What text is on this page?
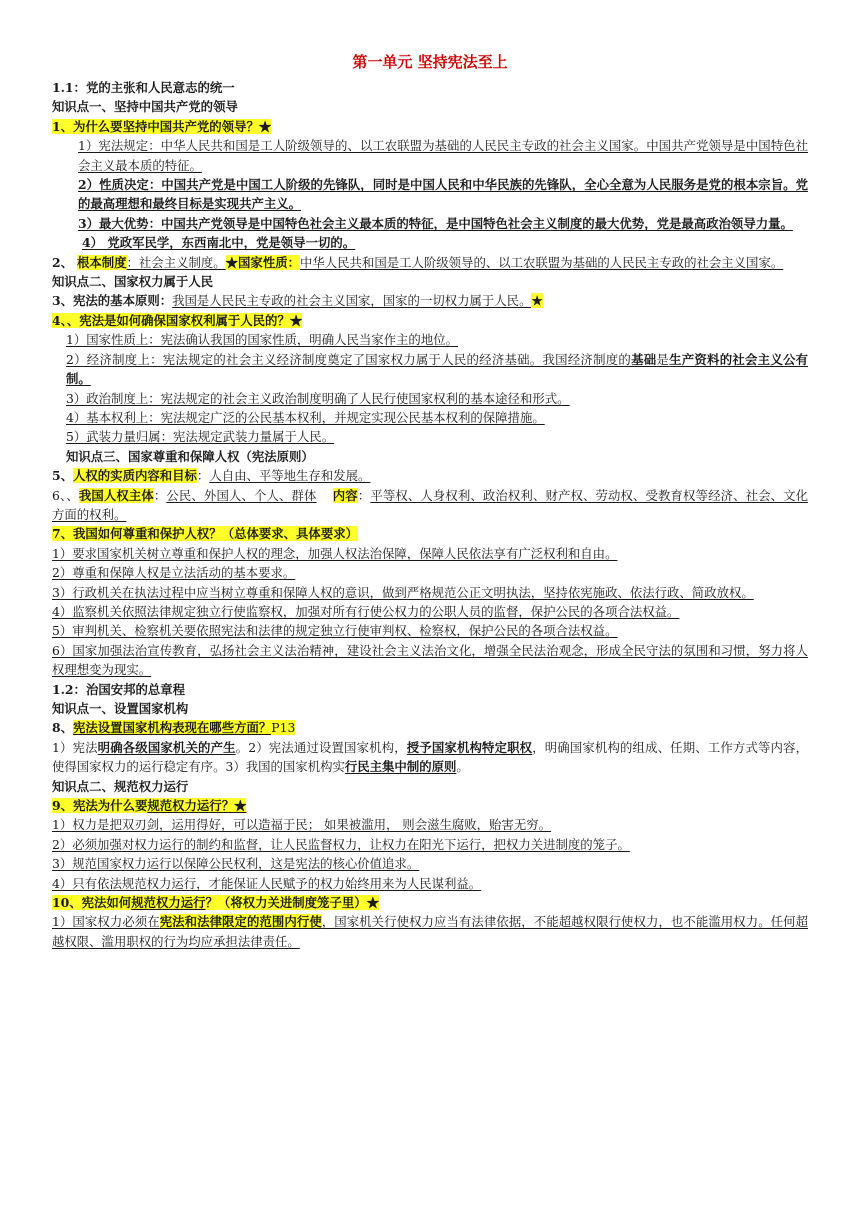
第一单元 坚持宪法至上
1.1：党的主张和人民意志的统一
知识点一、坚持中国共产党的领导
1、为什么要坚持中国共产党的领导？★
1）宪法规定：中华人民共和国是工人阶级领导的、以工农联盟为基础的人民民主专政的社会主义国家。中国共产党领导是中国特色社会主义最本质的特征。
2）性质决定：中国共产党是中国工人阶级的先锋队，同时是中国人民和中华民族的先锋队，全心全意为人民服务是党的根本宗旨。党的最高理想和最终目标是实现共产主义。
3）最大优势：中国共产党领导是中国特色社会主义最本质的特征，是中国特色社会主义制度的最大优势，党是最高政治领导力量。
4） 党政军民学，东西南北中，党是领导一切的。
2、 根本制度：社会主义制度。★国家性质：中华人民共和国是工人阶级领导的、以工农联盟为基础的人民民主专政的社会主义国家。
知识点二、国家权力属于人民
3、宪法的基本原则：我国是人民民主专政的社会主义国家，国家的一切权力属于人民。★
4、、宪法是如何确保国家权利属于人民的？★
1）国家性质上：宪法确认我国的国家性质，明确人民当家作主的地位。
2）经济制度上：宪法规定的社会主义经济制度奠定了国家权力属于人民的经济基础。我国经济制度的基础是生产资料的社会主义公有制。
3）政治制度上：宪法规定的社会主义政治制度明确了人民行使国家权利的基本途径和形式。
4）基本权利上：宪法规定广泛的公民基本权利，并规定实现公民基本权利的保障措施。
5）武装力量归属：宪法规定武装力量属于人民。
知识点三、国家尊重和保障人权（宪法原则）
5、人权的实质内容和目标：人自由、平等地生存和发展。
6、、我国人权主体：公民、外国人、个人、群体 内容：平等权、人身权利、政治权利、财产权、劳动权、受教育权等经济、社会、文化方面的权利。
7、我国如何尊重和保护人权？（总体要求、具体要求）
1）要求国家机关树立尊重和保护人权的理念，加强人权法治保障，保障人民依法享有广泛权利和自由。
2）尊重和保障人权是立法活动的基本要求。
3）行政机关在执法过程中应当树立尊重和保障人权的意识，做到严格规范公正文明执法，坚持依宪施政、依法行政、简政放权。
4）监察机关依照法律规定独立行使监察权，加强对所有行使公权力的公职人员的监督，保护公民的各项合法权益。
5）审判机关、检察机关要依照宪法和法律的规定独立行使审判权、检察权，保护公民的各项合法权益。
6）国家加强法治宣传教育，弘扬社会主义法治精神，建设社会主义法治文化，增强全民法治观念，形成全民守法的氛围和习惯，努力将人权理想变为现实。
1.2：治国安邦的总章程
知识点一、设置国家机构
8、宪法设置国家机构表现在哪些方面？P13
1）宪法明确各级国家机关的产生。2）宪法通过设置国家机构，授予国家机构特定职权，明确国家机构的组成、任期、工作方式等内容，使得国家权力的运行稳定有序。3）我国的国家机构实行民主集中制的原则。
知识点二、规范权力运行
9、宪法为什么要规范权力运行？★
1）权力是把双刃剑，运用得好，可以造福于民； 如果被滥用， 则会滋生腐败，贻害无穷。
2）必须加强对权力运行的制约和监督，让人民监督权力，让权力在阳光下运行，把权力关进制度的笼子。
3）规范国家权力运行以保障公民权利，这是宪法的核心价值追求。
4）只有依法规范权力运行，才能保证人民赋予的权力始终用来为人民谋利益。
10、宪法如何规范权力运行？（将权力关进制度笼子里）★
1）国家权力必须在宪法和法律限定的范围内行使，国家机关行使权力应当有法律依据，不能超越权限行使权力，也不能滥用权力。任何超越权限、滥用职权的行为均应承担法律责任。
